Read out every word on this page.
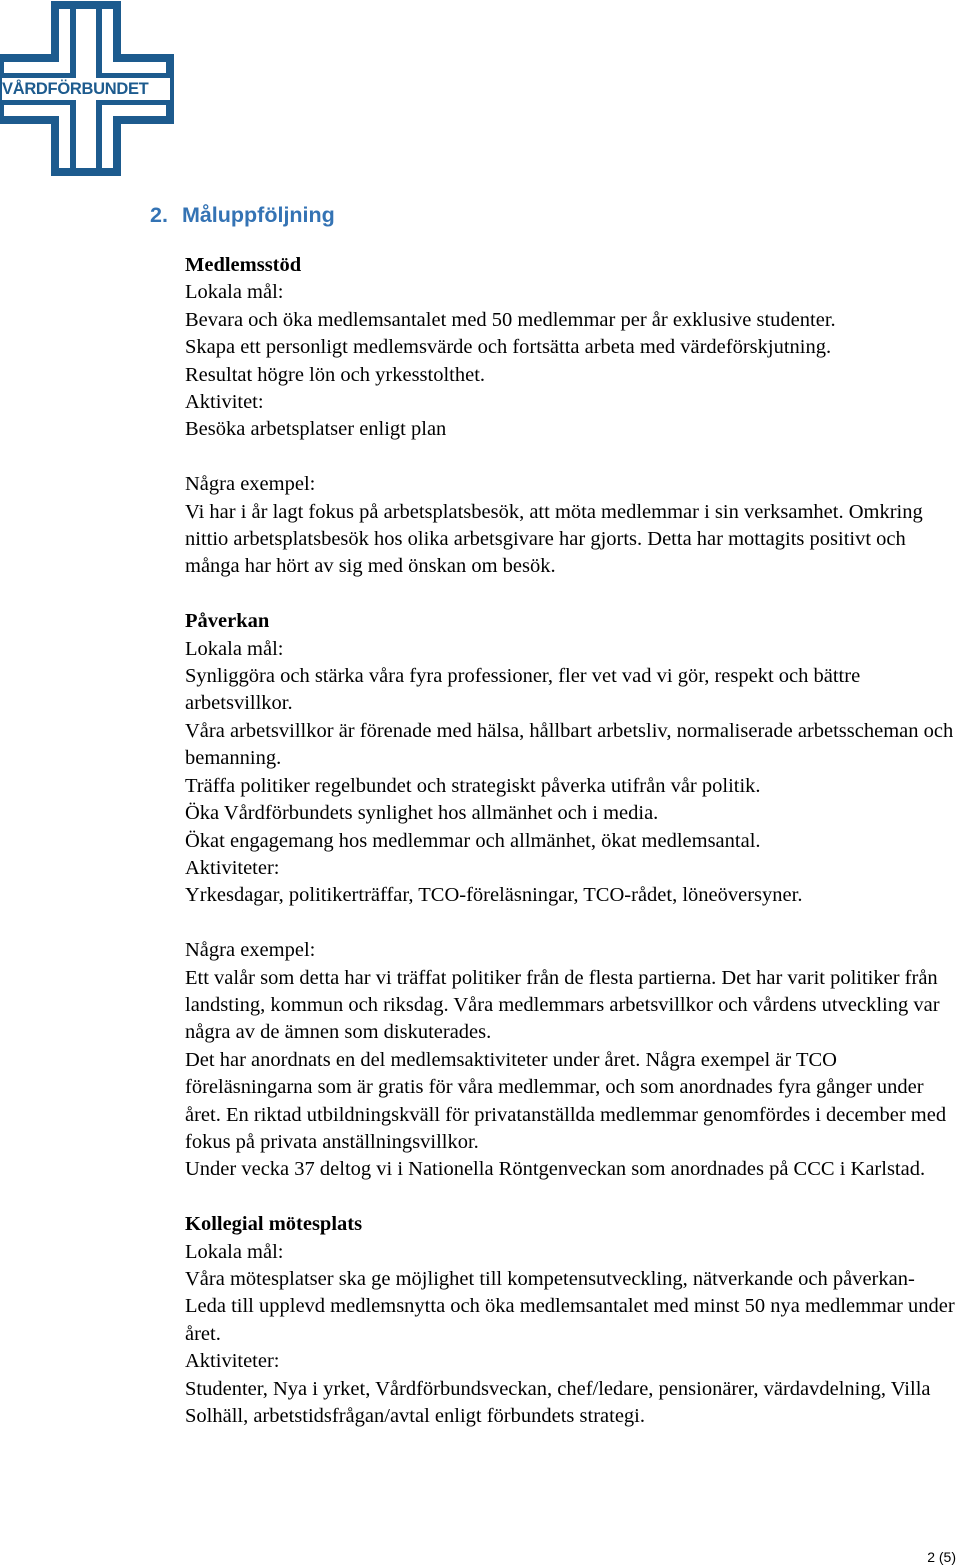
VÅRDFÖRBUNDET
2. Måluppföljning

Medlemsstöd

Lokala mål:

Bevara och öka medlemsantalet med 50 medlemmar per år exklusive studenter.

Skapa ett personligt medlemsvärde och fortsätta arbeta med värdeförskjutning.

Resultat högre lön och yrkesstolthet.

Aktivitet:

Besöka arbetsplatser enligt plan

Några exempel:

Vi har i år lagt fokus på arbetsplatsbesök, att möta medlemmar i sin verksamhet. Omkring nittio arbetsplatsbesök hos olika arbetsgivare har gjorts. Detta har mottagits positivt och många har hört av sig med önskan om besök.

Påverkan

Lokala mål:

Synliggöra och stärka våra fyra professioner, fler vet vad vi gör, respekt och bättre arbetsvillkor.

Våra arbetsvillkor är förenade med hälsa, hållbart arbetsliv, normaliserade arbetsscheman och bemanning.

Träffa politiker regelbundet och strategiskt påverka utifrån vår politik.

Öka Vårdförbundets synlighet hos allmänhet och i media.

Ökat engagemang hos medlemmar och allmänhet, ökat medlemsantal.

Aktiviteter:

Yrkesdagar, politikerträffar, TCO-föreläsningar, TCO-rådet, löneöversyner.

Några exempel:

Ett valår som detta har vi träffat politiker från de flesta partierna. Det har varit politiker från landsting, kommun och riksdag. Våra medlemmars arbetsvillkor och vårdens utveckling var några av de ämnen som diskuterades.

Det har anordnats en del medlemsaktiviteter under året. Några exempel är TCO föreläsningarna som är gratis för våra medlemmar, och som anordnades fyra gånger under året. En riktad utbildningskväll för privatanställda medlemmar genomfördes i december med fokus på privata anställningsvillkor.

Under vecka 37 deltog vi i Nationella Röntgenveckan som anordnades på CCC i Karlstad.

Kollegial mötesplats

Lokala mål:

Våra mötesplatser ska ge möjlighet till kompetensutveckling, nätverkande och påverkan- Leda till upplevd medlemsnytta och öka medlemsantalet med minst 50 nya medlemmar under året.

Aktiviteter:

Studenter, Nya i yrket, Vårdförbundsveckan, chef/ledare, pensionärer, värdavdelning, Villa Solhäll, arbetstidsfrågan/avtal enligt förbundets strategi.

2 (5)
